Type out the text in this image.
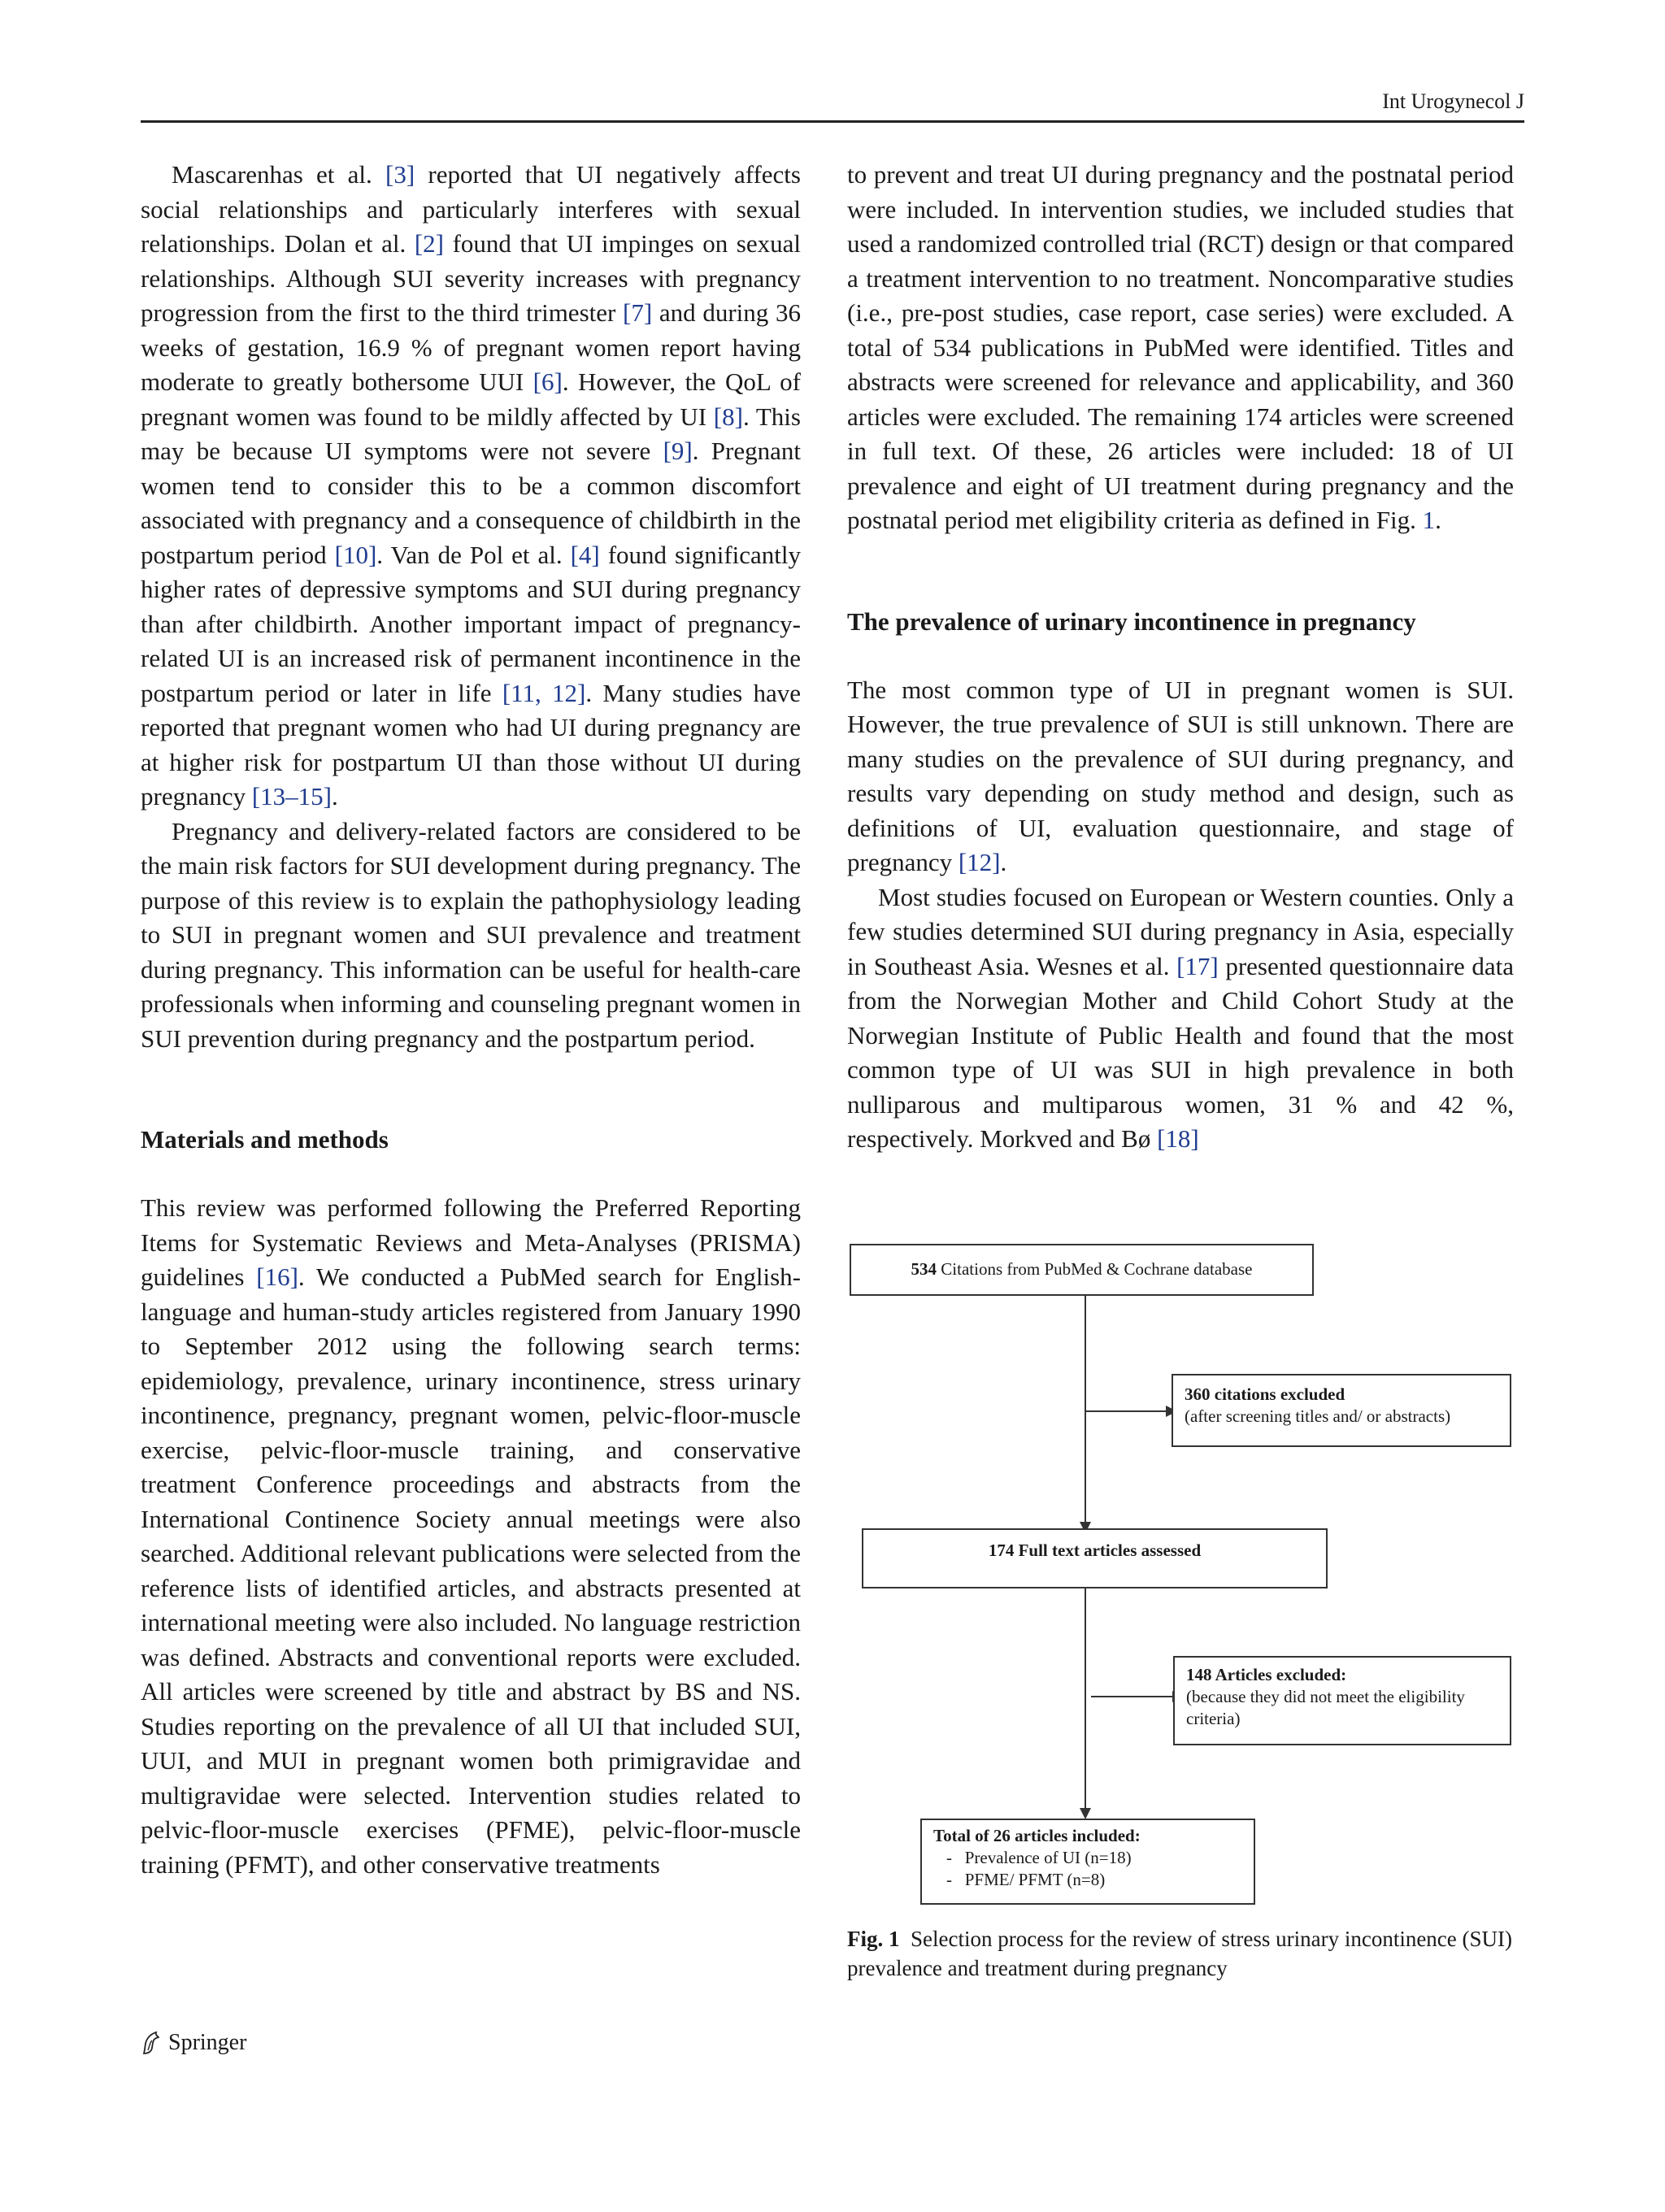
Int Urogynecol J

Mascarenhas et al. [3] reported that UI negatively affects social relationships and particularly interferes with sexual relationships. Dolan et al. [2] found that UI impinges on sexual relationships. Although SUI severity increases with pregnancy progression from the first to the third trimester [7] and during 36 weeks of gestation, 16.9 % of pregnant women report having moderate to greatly bothersome UUI [6]. However, the QoL of pregnant women was found to be mildly affected by UI [8]. This may be because UI symptoms were not severe [9]. Pregnant women tend to consider this to be a common discomfort associated with pregnancy and a consequence of childbirth in the postpartum period [10]. Van de Pol et al. [4] found significantly higher rates of depressive symptoms and SUI during pregnancy than after childbirth. Another important impact of pregnancy-related UI is an increased risk of permanent incontinence in the postpartum period or later in life [11, 12]. Many studies have reported that pregnant women who had UI during pregnancy are at higher risk for postpartum UI than those without UI during pregnancy [13–15].

Pregnancy and delivery-related factors are considered to be the main risk factors for SUI development during pregnancy. The purpose of this review is to explain the pathophysiology leading to SUI in pregnant women and SUI prevalence and treatment during pregnancy. This information can be useful for health-care professionals when informing and counseling pregnant women in SUI prevention during pregnancy and the postpartum period.

Materials and methods

This review was performed following the Preferred Reporting Items for Systematic Reviews and Meta-Analyses (PRISMA) guidelines [16]. We conducted a PubMed search for English-language and human-study articles registered from January 1990 to September 2012 using the following search terms: epidemiology, prevalence, urinary incontinence, stress urinary incontinence, pregnancy, pregnant women, pelvic-floor-muscle exercise, pelvic-floor-muscle training, and conservative treatment Conference proceedings and abstracts from the International Continence Society annual meetings were also searched. Additional relevant publications were selected from the reference lists of identified articles, and abstracts presented at international meeting were also included. No language restriction was defined. Abstracts and conventional reports were excluded. All articles were screened by title and abstract by BS and NS. Studies reporting on the prevalence of all UI that included SUI, UUI, and MUI in pregnant women both primigravidae and multigravidae were selected. Intervention studies related to pelvic-floor-muscle exercises (PFME), pelvic-floor-muscle training (PFMT), and other conservative treatments

to prevent and treat UI during pregnancy and the postnatal period were included. In intervention studies, we included studies that used a randomized controlled trial (RCT) design or that compared a treatment intervention to no treatment. Noncomparative studies (i.e., pre-post studies, case report, case series) were excluded. A total of 534 publications in PubMed were identified. Titles and abstracts were screened for relevance and applicability, and 360 articles were excluded. The remaining 174 articles were screened in full text. Of these, 26 articles were included: 18 of UI prevalence and eight of UI treatment during pregnancy and the postnatal period met eligibility criteria as defined in Fig. 1.

The prevalence of urinary incontinence in pregnancy

The most common type of UI in pregnant women is SUI. However, the true prevalence of SUI is still unknown. There are many studies on the prevalence of SUI during pregnancy, and results vary depending on study method and design, such as definitions of UI, evaluation questionnaire, and stage of pregnancy [12].

Most studies focused on European or Western counties. Only a few studies determined SUI during pregnancy in Asia, especially in Southeast Asia. Wesnes et al. [17] presented questionnaire data from the Norwegian Mother and Child Cohort Study at the Norwegian Institute of Public Health and found that the most common type of UI was SUI in high prevalence in both nulliparous and multiparous women, 31 % and 42 %, respectively. Morkved and Bø [18]

534 Citations from PubMed & Cochrane database
360 citations excluded
(after screening titles and/ or abstracts)
174 Full text articles assessed
148 Articles excluded:
(because they did not meet the eligibility criteria)
Total of 26 articles included:
-   Prevalence of UI (n=18)
-   PFME/ PFMT (n=8)
Fig. 1  Selection process for the review of stress urinary incontinence (SUI) prevalence and treatment during pregnancy
Springer
